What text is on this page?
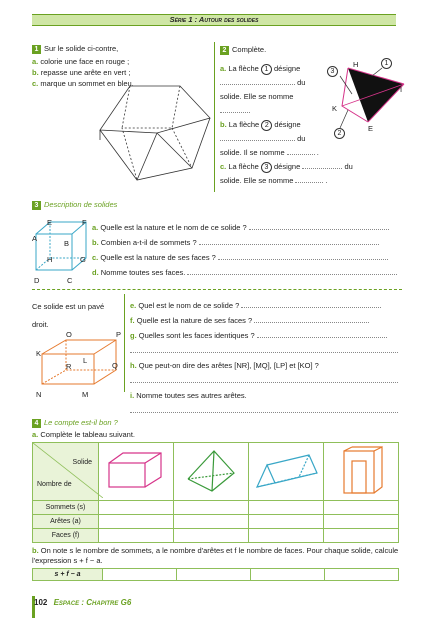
Série 1 : Autour des solides
1 Sur le solide ci-contre,
a. colorie une face en rouge ;
b. repasse une arête en vert ;
c. marque un sommet en bleu.
2 Complète.
a. La flèche 1 désigne
du
solide. Elle se nomme
b. La flèche 2 désigne
du
solide. Il se nomme	.
c. La flèche 3 désigne	du
solide. Elle se nomme	.
1
3
2
H
I
K
E
3 Description de solides
E	F
A
B
H	G
D	C
a. Quelle est la nature et le nom de ce solide ?
b. Combien a-t-il de sommets ?
c. Quelle est la nature de ses faces ?
d. Nomme toutes ses faces.
Ce solide est un pavé
droit.
O	P
K
L
R	Q
N	M
e. Quel est le nom de ce solide ?
f. Quelle est la nature de ses faces ?
g. Quelles sont les faces identiques ?
h. Que peut-on dire des arêtes [NR], [MQ], [LP] et [KO] ?
i. Nomme toutes ses autres arêtes.
4 Le compte est-il bon ?
a. Complète le tableau suivant.
Solide
Nombre de

Sommets (s)				
Arêtes (a)				
Faces (f)				
b. On note s le nombre de sommets, a le nombre d'arêtes et f le nombre de faces. Pour chaque solide, calcule l'expression s + f − a.
s + f − a				
102 Espace : Chapitre G6
